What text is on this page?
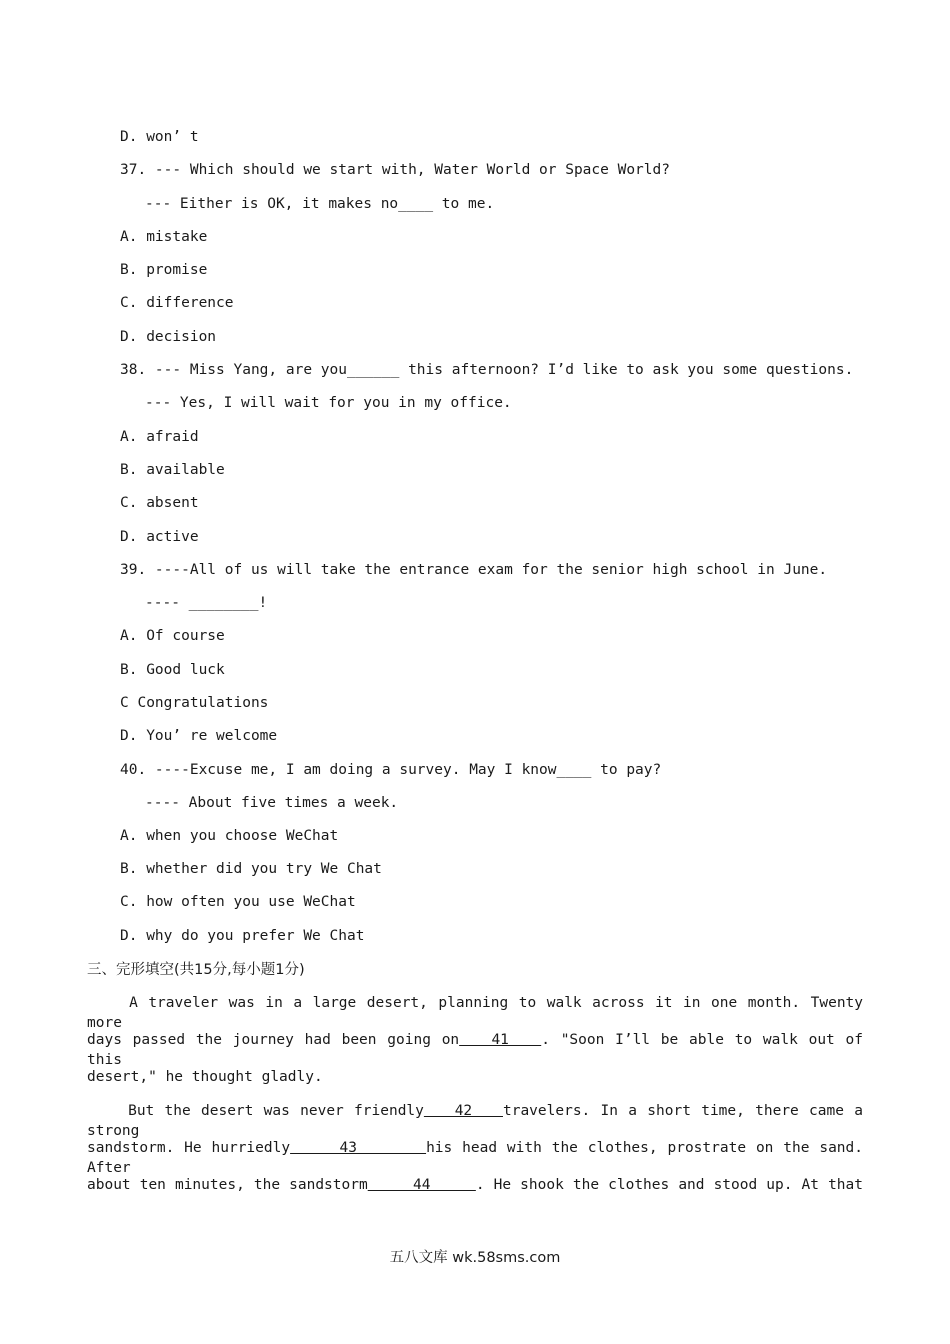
D. won’ t
37. --- Which should we start with, Water World or Space World?
--- Either is OK, it makes no____ to me.
A. mistake
B. promise
C. difference
D. decision
38. --- Miss Yang, are you______ this afternoon? I’d like to ask you some questions.
--- Yes, I will wait for you in my office.
A. afraid
B. available
C. absent
D. active
39. ----All of us will take the entrance exam for the senior high school in June.
---- ________!
A. Of course
B. Good luck
C Congratulations
D. You’ re welcome
40. ----Excuse me, I am doing a survey. May I know____ to pay?
---- About five times a week.
A. when you choose WeChat
B. whether did you try We Chat
C. how often you use WeChat
D. why do you prefer We Chat
三、完形填空(共15分,每小题1分)
A traveler was in a large desert, planning to walk across it in one month. Twenty more
days passed the journey had been going on   41   . "Soon I’ll be able to walk out of this
desert," he thought gladly.
But the desert was never friendly   42   travelers. In a short time, there came a strong
sandstorm. He hurriedly     43       his head with the clothes, prostrate on the sand. After
about ten minutes, the sandstorm     44     . He shook the clothes and stood up. At that
五八文库 wk.58sms.com
